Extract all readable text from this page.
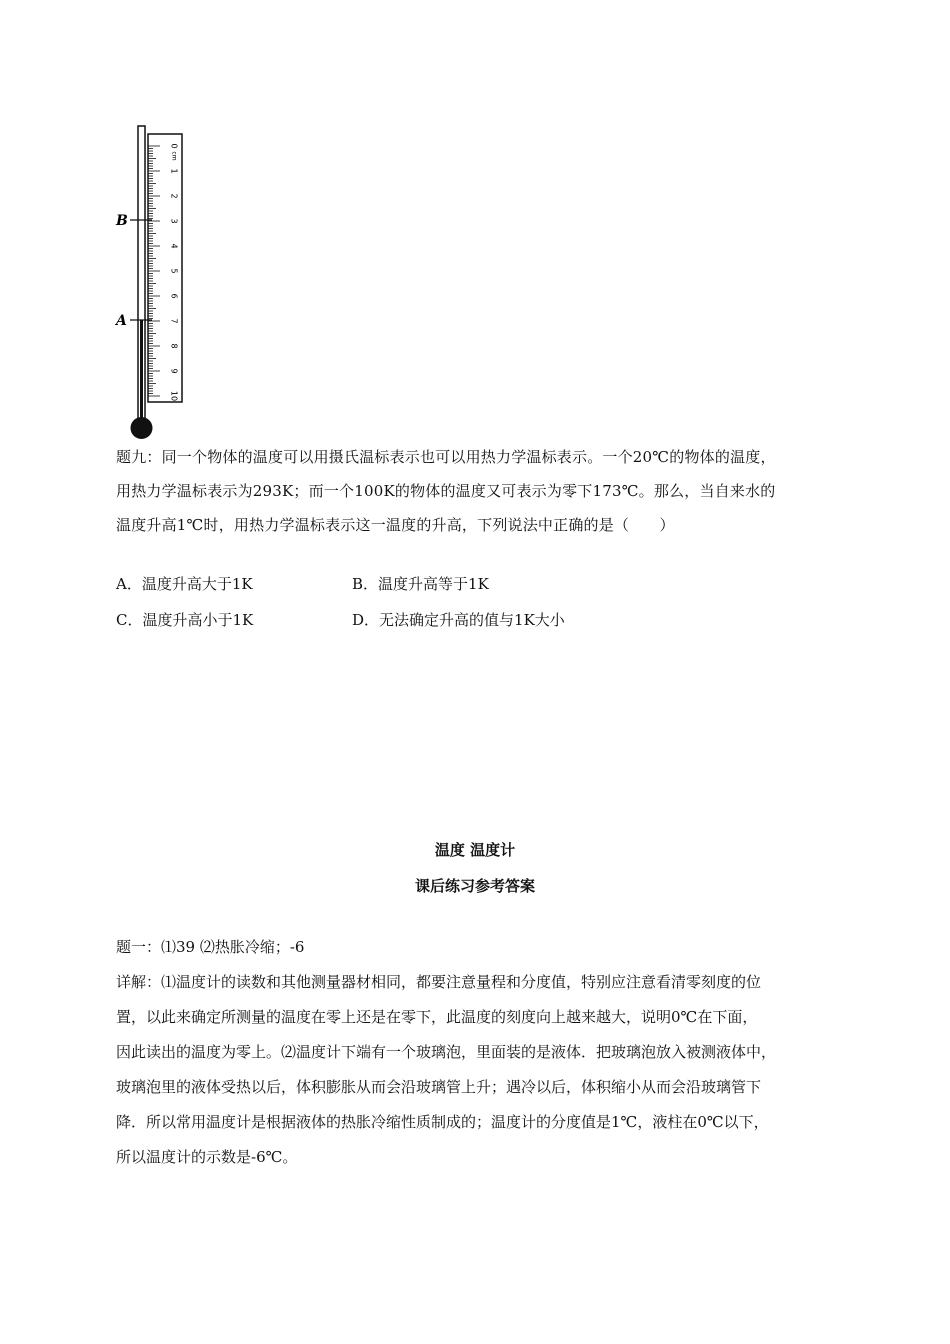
0
1
2
3
4
5
6
7
8
9
10
cm
B
A

题九：同一个物体的温度可以用摄氏温标表示也可以用热力学温标表示。一个20℃的物体的温度，

用热力学温标表示为293K；而一个100K的物体的温度又可表示为零下173℃。那么，当自来水的

温度升高1℃时，用热力学温标表示这一温度的升高，下列说法中正确的是（　　）

A．温度升高大于1K	B．温度升高等于1K
C．温度升高小于1K	D．无法确定升高的值与1K大小
温度 温度计
课后练习参考答案

题一：⑴39 ⑵热胀冷缩；-6

详解：⑴温度计的读数和其他测量器材相同，都要注意量程和分度值，特别应注意看清零刻度的位

置，以此来确定所测量的温度在零上还是在零下，此温度的刻度向上越来越大，说明0℃在下面，

因此读出的温度为零上。⑵温度计下端有一个玻璃泡，里面装的是液体．把玻璃泡放入被测液体中，

玻璃泡里的液体受热以后，体积膨胀从而会沿玻璃管上升；遇冷以后，体积缩小从而会沿玻璃管下

降．所以常用温度计是根据液体的热胀冷缩性质制成的；温度计的分度值是1℃，液柱在0℃以下，

所以温度计的示数是-6℃。
